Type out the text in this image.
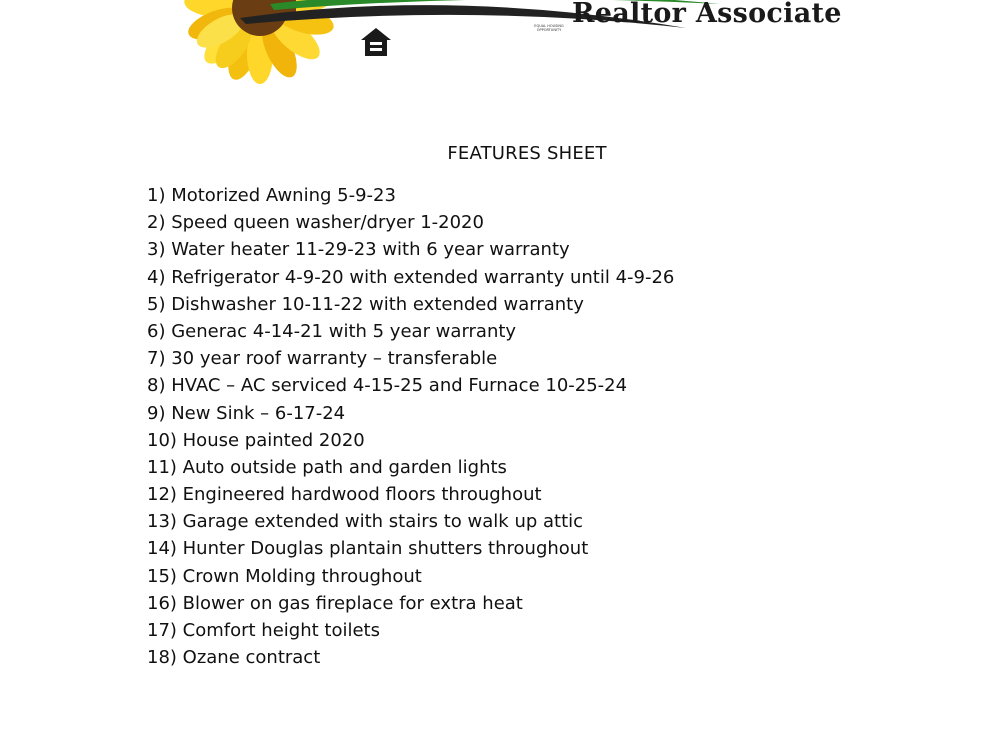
Realtor Associate
EQUAL HOUSING OPPORTUNITY
FEATURES SHEET
1) Motorized Awning 5-9-23
2) Speed queen washer/dryer 1-2020
3) Water heater 11-29-23 with 6 year warranty
4) Refrigerator 4-9-20 with extended warranty until 4-9-26
5) Dishwasher 10-11-22 with extended warranty
6) Generac 4-14-21 with 5 year warranty
7) 30 year roof warranty – transferable
8) HVAC – AC serviced 4-15-25 and Furnace 10-25-24
9) New Sink – 6-17-24
10) House painted 2020
11) Auto outside path and garden lights
12) Engineered hardwood floors throughout
13) Garage extended with stairs to walk up attic
14) Hunter Douglas plantain shutters throughout
15) Crown Molding throughout
16) Blower on gas fireplace for extra heat
17) Comfort height toilets
18) Ozane contract
